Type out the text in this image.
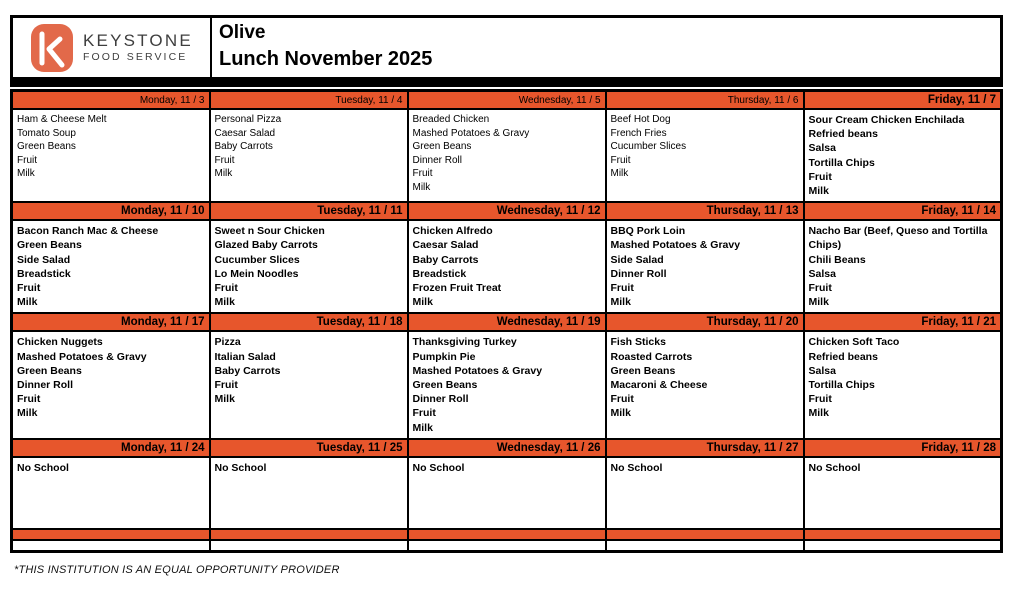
KEYSTONE
FOOD SERVICE
Olive
Lunch November 2025
Monday, 11 / 3	Tuesday, 11 / 4	Wednesday, 11 / 5	Thursday, 11 / 6	Friday, 11 / 7

Ham & Cheese Melt
Tomato Soup
Green Beans
Fruit
Milk

Personal Pizza
Caesar Salad
Baby Carrots
Fruit
Milk

Breaded Chicken
Mashed Potatoes & Gravy
Green Beans
Dinner Roll
Fruit
Milk

Beef Hot Dog
French Fries
Cucumber Slices
Fruit
Milk

Sour Cream Chicken Enchilada
Refried beans
Salsa
Tortilla Chips
Fruit
Milk

Monday, 11 / 10	Tuesday, 11 / 11	Wednesday, 11 / 12	Thursday, 11 / 13	Friday, 11 / 14

Bacon Ranch Mac & Cheese
Green Beans
Side Salad
Breadstick
Fruit
Milk

Sweet n Sour Chicken
Glazed Baby Carrots
Cucumber Slices
Lo Mein Noodles
Fruit
Milk

Chicken Alfredo
Caesar Salad
Baby Carrots
Breadstick
Frozen Fruit Treat
Milk

BBQ Pork Loin
Mashed Potatoes & Gravy
Side Salad
Dinner Roll
Fruit
Milk

Nacho Bar (Beef, Queso and Tortilla Chips)
Chili Beans
Salsa
Fruit
Milk

Monday, 11 / 17	Tuesday, 11 / 18	Wednesday, 11 / 19	Thursday, 11 / 20	Friday, 11 / 21

Chicken Nuggets
Mashed Potatoes & Gravy
Green Beans
Dinner Roll
Fruit
Milk

Pizza
Italian Salad
Baby Carrots
Fruit
Milk

Thanksgiving Turkey
Pumpkin Pie
Mashed Potatoes & Gravy
Green Beans
Dinner Roll
Fruit
Milk

Fish Sticks
Roasted Carrots
Green Beans
Macaroni & Cheese
Fruit
Milk

Chicken Soft Taco
Refried beans
Salsa
Tortilla Chips
Fruit
Milk

Monday, 11 / 24	Tuesday, 11 / 25	Wednesday, 11 / 26	Thursday, 11 / 27	Friday, 11 / 28

No School	No School	No School	No School	No School

*THIS INSTITUTION IS AN EQUAL OPPORTUNITY PROVIDER
